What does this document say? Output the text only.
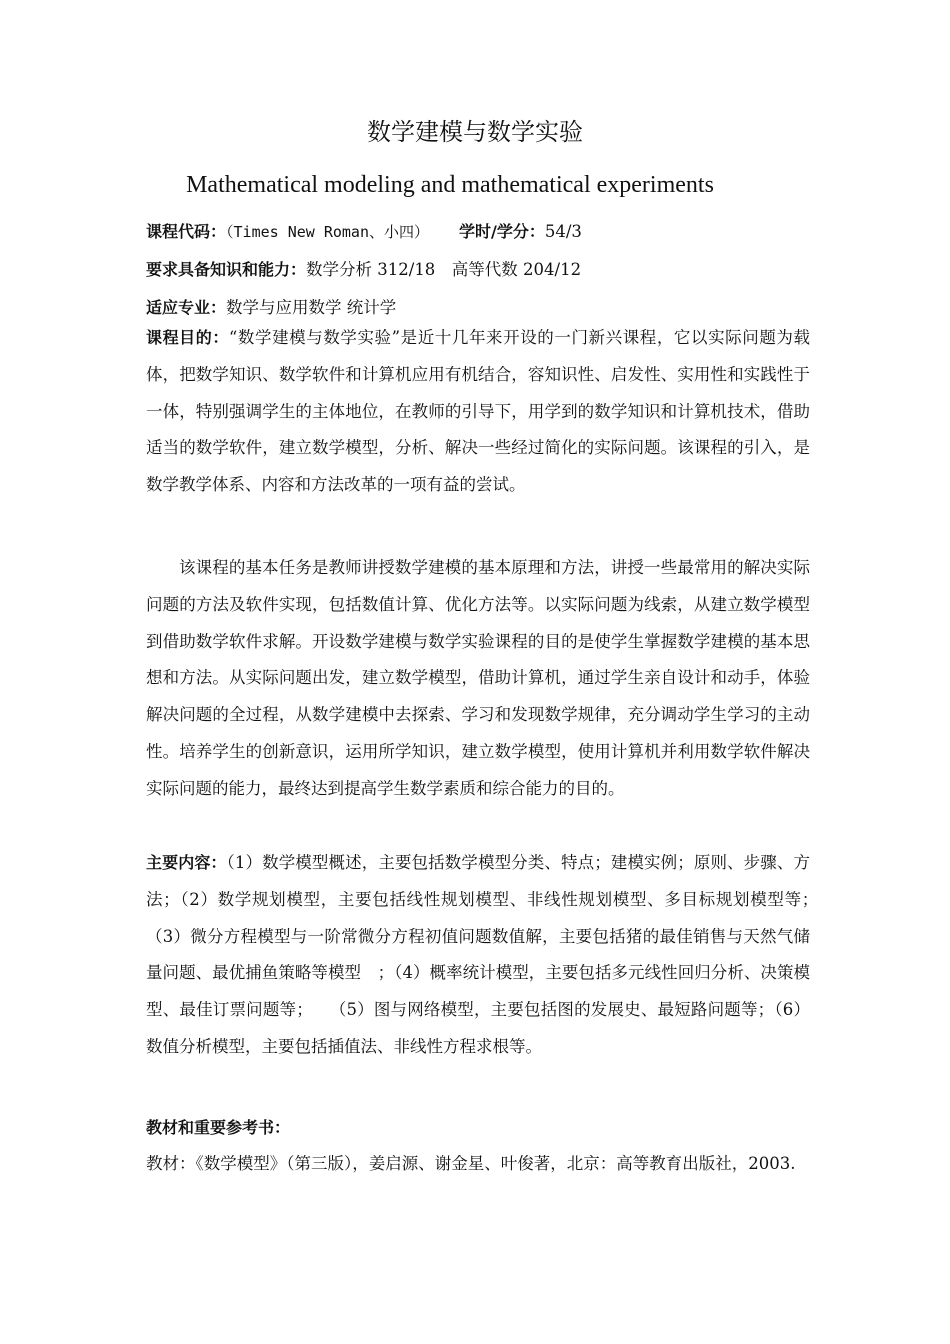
数学建模与数学实验
Mathematical modeling and mathematical experiments
课程代码：（Times New Roman、小四） 学时/学分：54/3
要求具备知识和能力：数学分析 312/18　高等代数 204/12
适应专业：数学与应用数学 统计学
课程目的：“数学建模与数学实验”是近十几年来开设的一门新兴课程，它以实际问题为载体，把数学知识、数学软件和计算机应用有机结合，容知识性、启发性、实用性和实践性于一体，特别强调学生的主体地位，在教师的引导下，用学到的数学知识和计算机技术，借助适当的数学软件，建立数学模型，分析、解决一些经过简化的实际问题。该课程的引入，是数学教学体系、内容和方法改革的一项有益的尝试。
该课程的基本任务是教师讲授数学建模的基本原理和方法，讲授一些最常用的解决实际问题的方法及软件实现，包括数值计算、优化方法等。以实际问题为线索，从建立数学模型到借助数学软件求解。开设数学建模与数学实验课程的目的是使学生掌握数学建模的基本思想和方法。从实际问题出发，建立数学模型，借助计算机，通过学生亲自设计和动手，体验解决问题的全过程，从数学建模中去探索、学习和发现数学规律，充分调动学生学习的主动性。培养学生的创新意识，运用所学知识，建立数学模型，使用计算机并利用数学软件解决实际问题的能力，最终达到提高学生数学素质和综合能力的目的。
主要内容：（1）数学模型概述，主要包括数学模型分类、特点；建模实例；原则、步骤、方法；（2）数学规划模型，主要包括线性规划模型、非线性规划模型、多目标规划模型等；　（3）微分方程模型与一阶常微分方程初值问题数值解，主要包括猪的最佳销售与天然气储量问题、最优捕鱼策略等模型　；（4）概率统计模型，主要包括多元线性回归分析、决策模型、最佳订票问题等；　　（5）图与网络模型，主要包括图的发展史、最短路问题等；（6）数值分析模型，主要包括插值法、非线性方程求根等。
教材和重要参考书：
教材：《数学模型》（第三版），姜启源、谢金星、叶俊著，北京：高等教育出版社，2003.
